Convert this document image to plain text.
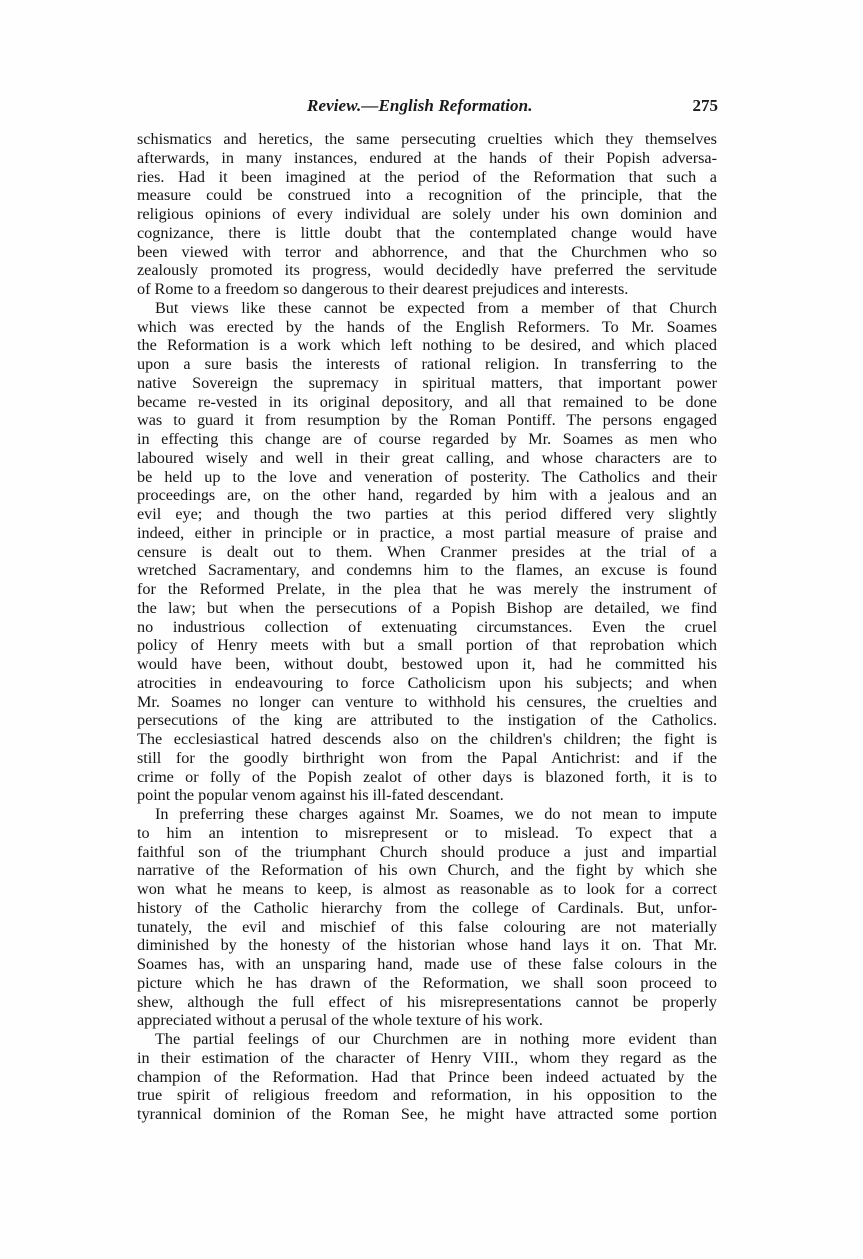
Review.—English Reformation.	275
schismatics and heretics, the same persecuting cruelties which they themselves
afterwards, in many instances, endured at the hands of their Popish adversa-
ries. Had it been imagined at the period of the Reformation that such a
measure could be construed into a recognition of the principle, that the
religious opinions of every individual are solely under his own dominion and
cognizance, there is little doubt that the contemplated change would have
been viewed with terror and abhorrence, and that the Churchmen who so
zealously promoted its progress, would decidedly have preferred the servitude
of Rome to a freedom so dangerous to their dearest prejudices and interests.
But views like these cannot be expected from a member of that Church
which was erected by the hands of the English Reformers. To Mr. Soames
the Reformation is a work which left nothing to be desired, and which placed
upon a sure basis the interests of rational religion. In transferring to the
native Sovereign the supremacy in spiritual matters, that important power
became re-vested in its original depository, and all that remained to be done
was to guard it from resumption by the Roman Pontiff. The persons engaged
in effecting this change are of course regarded by Mr. Soames as men who
laboured wisely and well in their great calling, and whose characters are to
be held up to the love and veneration of posterity. The Catholics and their
proceedings are, on the other hand, regarded by him with a jealous and an
evil eye; and though the two parties at this period differed very slightly
indeed, either in principle or in practice, a most partial measure of praise and
censure is dealt out to them. When Cranmer presides at the trial of a
wretched Sacramentary, and condemns him to the flames, an excuse is found
for the Reformed Prelate, in the plea that he was merely the instrument of
the law; but when the persecutions of a Popish Bishop are detailed, we find
no industrious collection of extenuating circumstances. Even the cruel
policy of Henry meets with but a small portion of that reprobation which
would have been, without doubt, bestowed upon it, had he committed his
atrocities in endeavouring to force Catholicism upon his subjects; and when
Mr. Soames no longer can venture to withhold his censures, the cruelties and
persecutions of the king are attributed to the instigation of the Catholics.
The ecclesiastical hatred descends also on the children's children; the fight is
still for the goodly birthright won from the Papal Antichrist: and if the
crime or folly of the Popish zealot of other days is blazoned forth, it is to
point the popular venom against his ill-fated descendant.
In preferring these charges against Mr. Soames, we do not mean to impute
to him an intention to misrepresent or to mislead. To expect that a
faithful son of the triumphant Church should produce a just and impartial
narrative of the Reformation of his own Church, and the fight by which she
won what he means to keep, is almost as reasonable as to look for a correct
history of the Catholic hierarchy from the college of Cardinals. But, unfor-
tunately, the evil and mischief of this false colouring are not materially
diminished by the honesty of the historian whose hand lays it on. That Mr.
Soames has, with an unsparing hand, made use of these false colours in the
picture which he has drawn of the Reformation, we shall soon proceed to
shew, although the full effect of his misrepresentations cannot be properly
appreciated without a perusal of the whole texture of his work.
The partial feelings of our Churchmen are in nothing more evident than
in their estimation of the character of Henry VIII., whom they regard as the
champion of the Reformation. Had that Prince been indeed actuated by the
true spirit of religious freedom and reformation, in his opposition to the
tyrannical dominion of the Roman See, he might have attracted some portion
